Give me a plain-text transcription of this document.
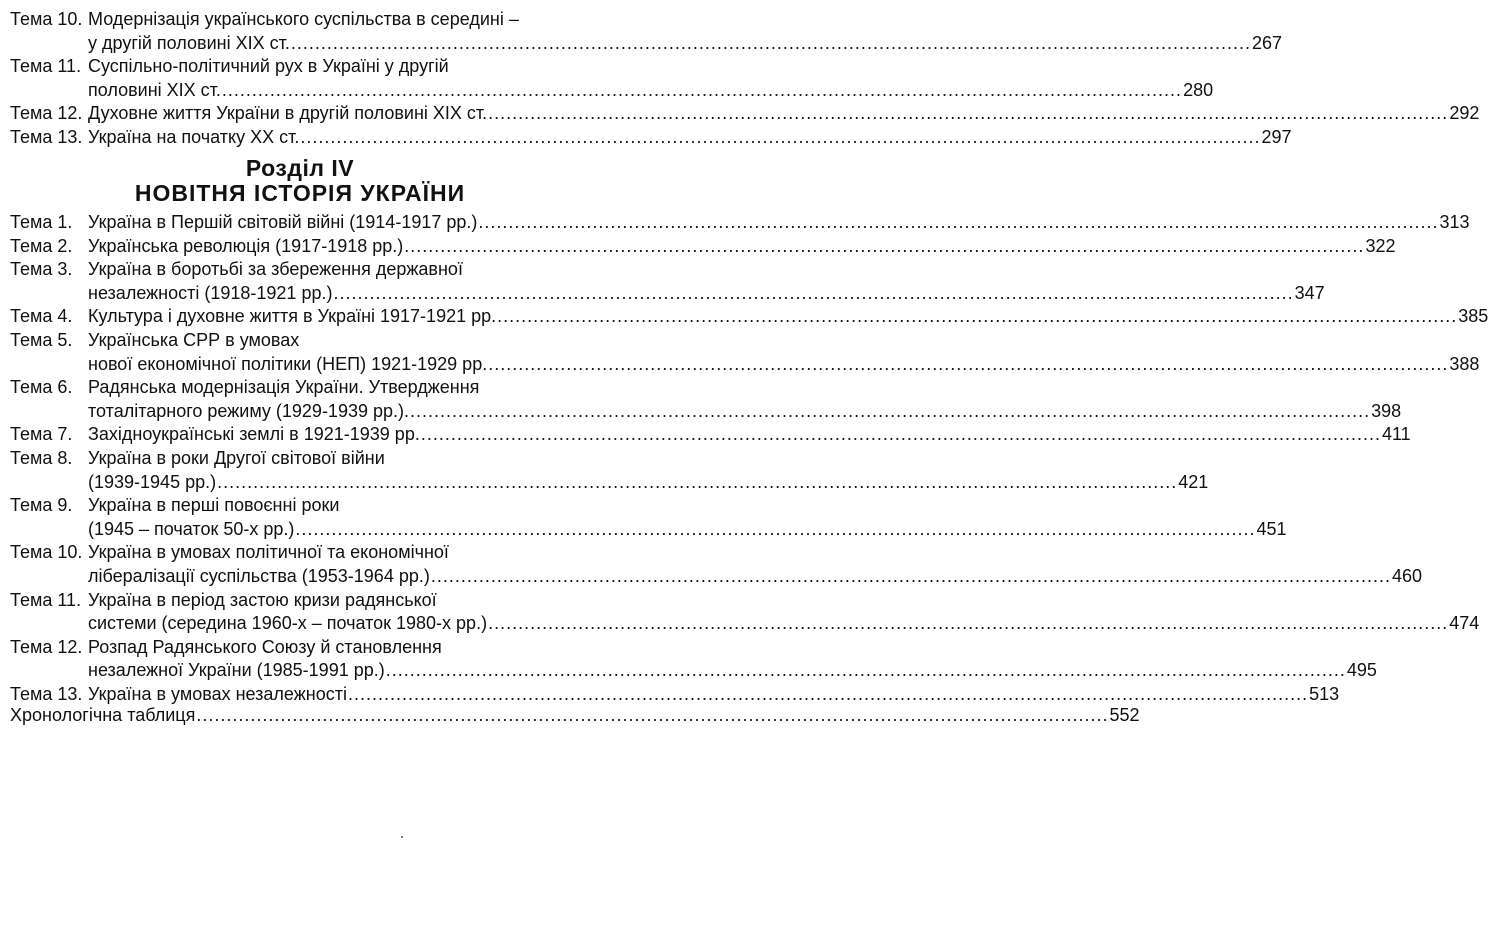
Тема 10. Модернізація українського суспільства в середині –
у другій половині XIX ст. ................................................................................................................................................................ 267
Тема 11. Суспільно-політичний рух в Україні у другій
половині XIX ст. ................................................................................................................................................................ 280
Тема 12. Духовне життя України в другій половині XIX ст. ................................................................................................................................................................ 292
Тема 13. Україна на початку XX ст. ................................................................................................................................................................ 297
Розділ IV
НОВІТНЯ ІСТОРІЯ УКРАЇНИ
Тема 1. Україна в Першій світовій війні (1914-1917 рр.) ................................................................................................................................................................ 313
Тема 2. Українська революція (1917-1918 рр.) ................................................................................................................................................................ 322
Тема 3. Україна в боротьбі за збереження державної
незалежності (1918-1921 рр.) ................................................................................................................................................................ 347
Тема 4. Культура і духовне життя в Україні 1917-1921 рр. ................................................................................................................................................................ 385
Тема 5. Українська СРР в умовах
нової економічної політики (НЕП) 1921-1929 рр. ................................................................................................................................................................ 388
Тема 6. Радянська модернізація України. Утвердження
тоталітарного режиму (1929-1939 рр.). ................................................................................................................................................................ 398
Тема 7. Західноукраїнські землі в 1921-1939 рр. ................................................................................................................................................................ 411
Тема 8. Україна в роки Другої світової війни
(1939-1945 рр.) ................................................................................................................................................................ 421
Тема 9. Україна в перші повоєнні роки
(1945 – початок 50-х рр.) ................................................................................................................................................................ 451
Тема 10. Україна в умовах політичної та економічної
лібералізації суспільства (1953-1964 рр.) ................................................................................................................................................................ 460
Тема 11. Україна в період застою кризи радянської
системи (середина 1960-х – початок 1980-х рр.) ................................................................................................................................................................ 474
Тема 12. Розпад Радянського Союзу й становлення
незалежної України (1985-1991 рр.) ................................................................................................................................................................ 495
Тема 13. Україна в умовах незалежності ................................................................................................................................................................ 513
Хронологічна таблиця ........................................................................................................................................................ 552
